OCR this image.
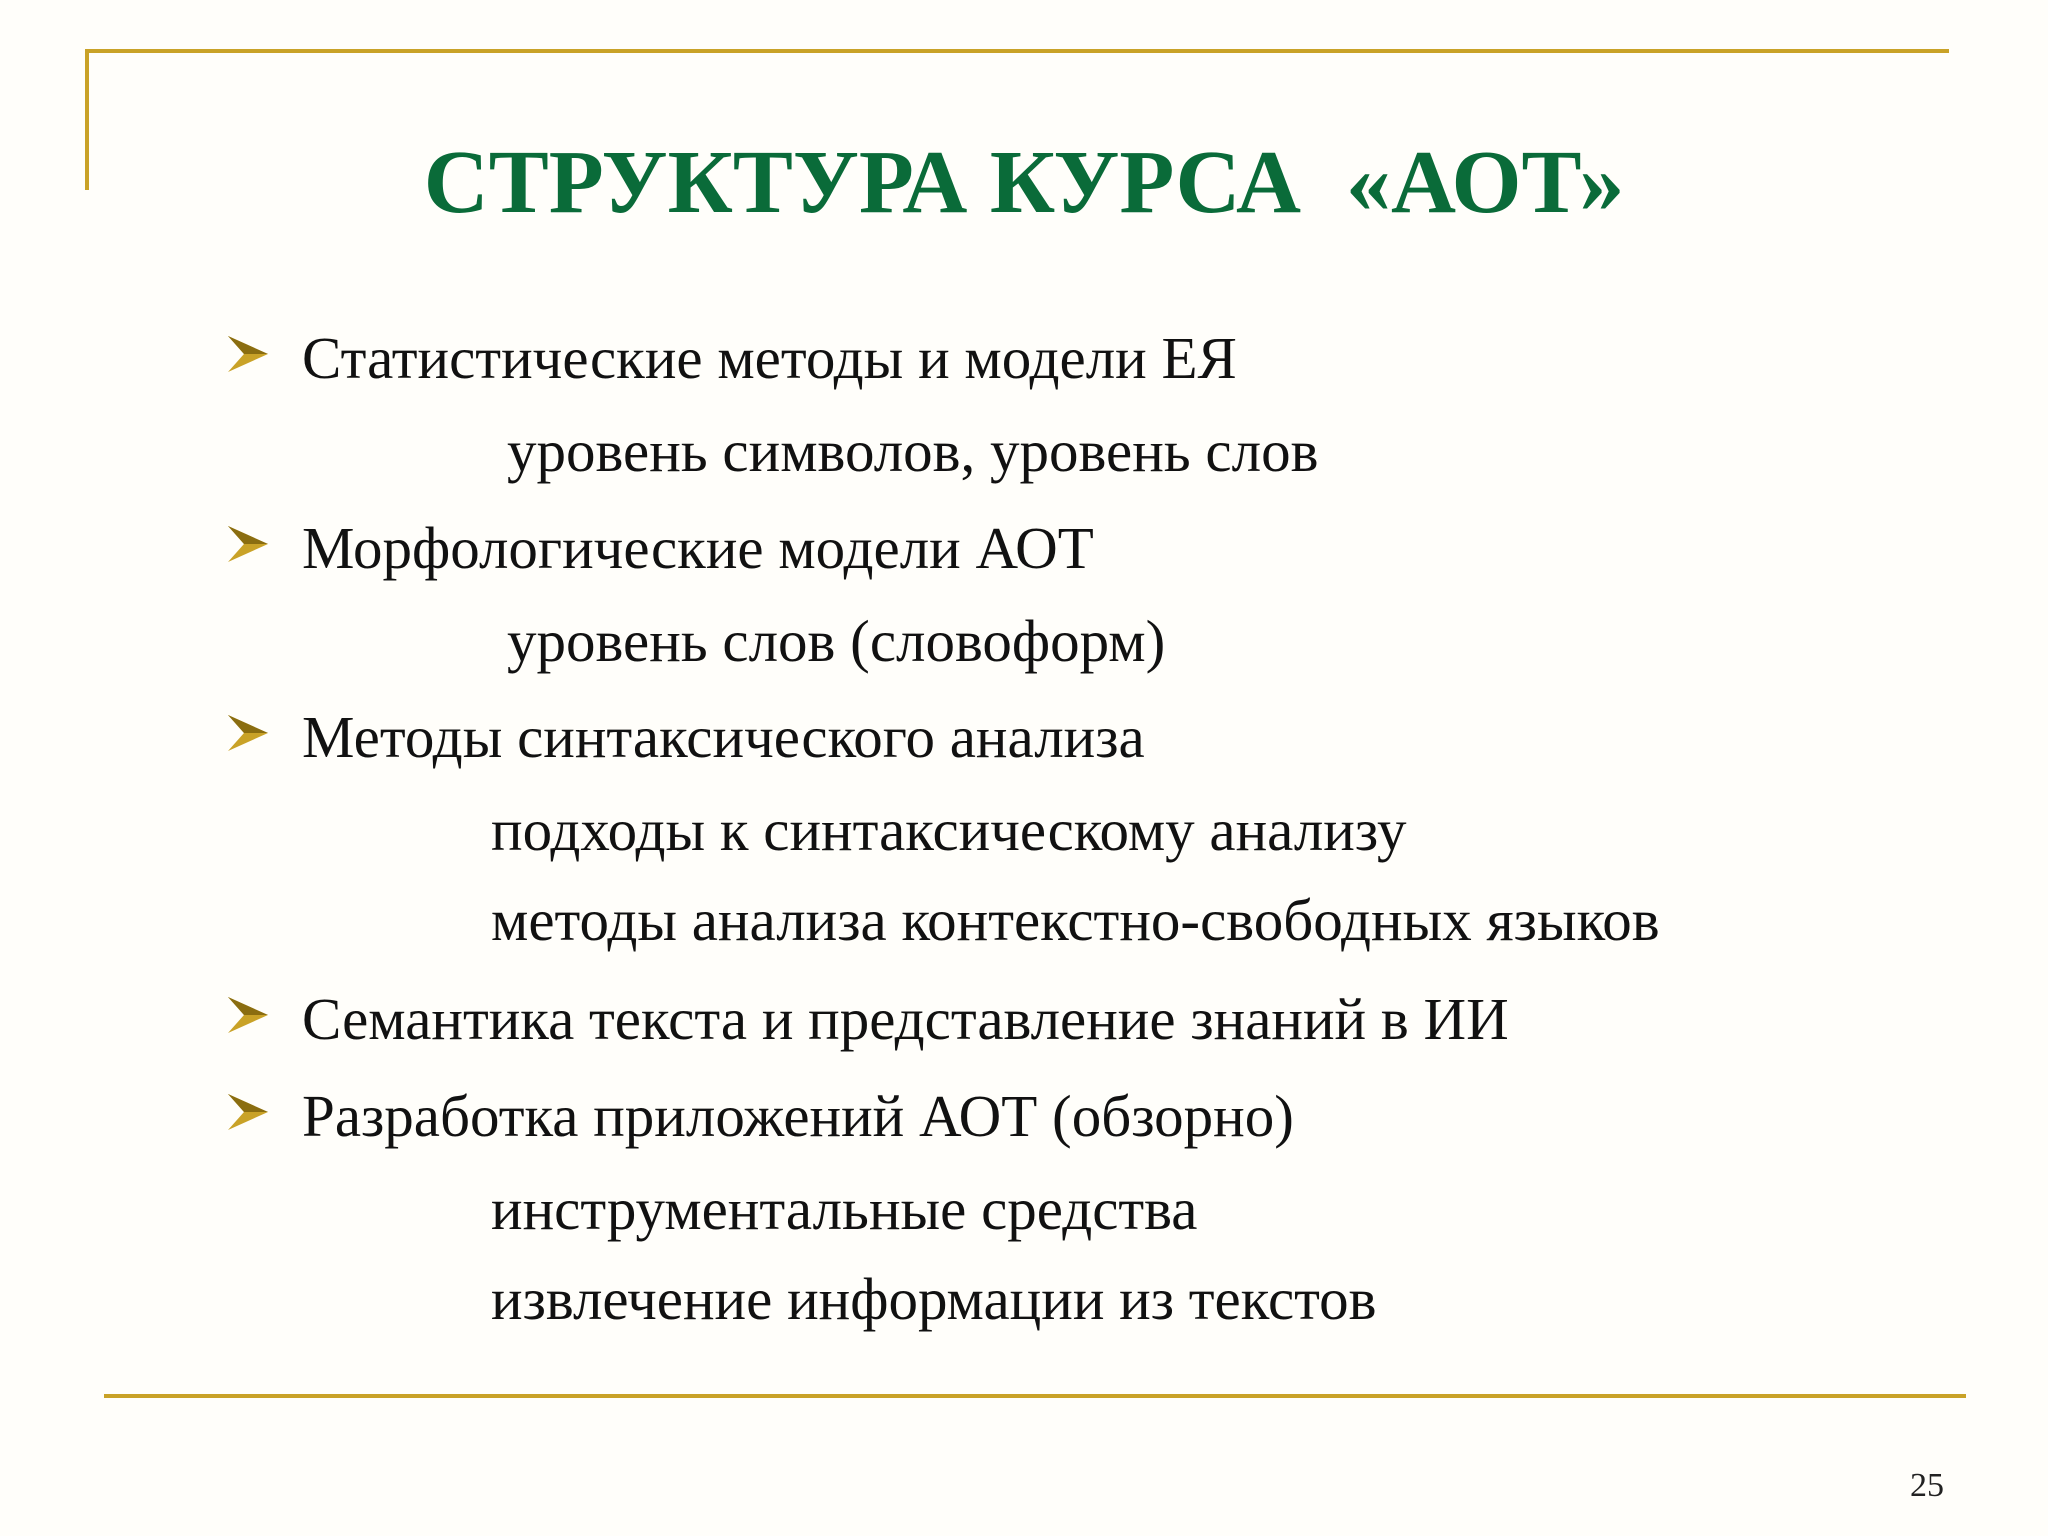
СТРУКТУРА КУРСА  «АОТ»
Статистические методы и модели ЕЯ
уровень символов, уровень слов
Морфологические модели АОТ
уровень слов (словоформ)
Методы синтаксического анализа
подходы к синтаксическому анализу
методы анализа контекстно-свободных языков
Семантика текста и представление знаний в ИИ
Разработка приложений АОТ (обзорно)
инструментальные средства
извлечение информации из текстов
25
